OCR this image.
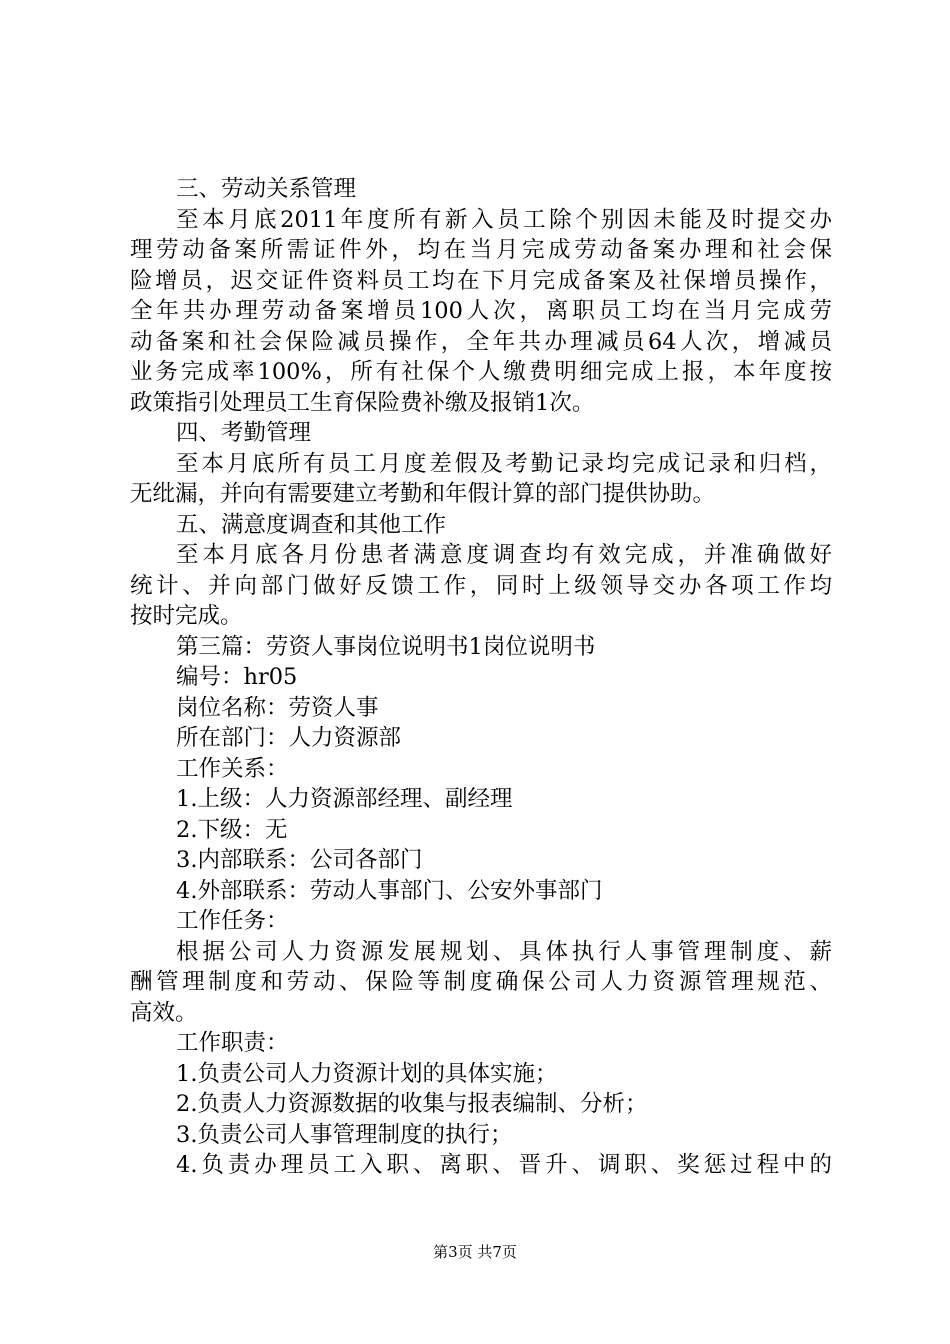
三、劳动关系管理
至本月底2011年度所有新入员工除个别因未能及时提交办
理劳动备案所需证件外，均在当月完成劳动备案办理和社会保
险增员，迟交证件资料员工均在下月完成备案及社保增员操作，
全年共办理劳动备案增员100人次，离职员工均在当月完成劳
动备案和社会保险减员操作，全年共办理减员64人次，增减员
业务完成率100%，所有社保个人缴费明细完成上报，本年度按
政策指引处理员工生育保险费补缴及报销1次。
四、考勤管理
至本月底所有员工月度差假及考勤记录均完成记录和归档，
无纰漏，并向有需要建立考勤和年假计算的部门提供协助。
五、满意度调查和其他工作
至本月底各月份患者满意度调查均有效完成，并准确做好
统计、并向部门做好反馈工作，同时上级领导交办各项工作均
按时完成。
第三篇：劳资人事岗位说明书1岗位说明书
编号：hr05
岗位名称：劳资人事
所在部门：人力资源部
工作关系：
1.上级：人力资源部经理、副经理
2.下级：无
3.内部联系：公司各部门
4.外部联系：劳动人事部门、公安外事部门
工作任务：
根据公司人力资源发展规划、具体执行人事管理制度、薪
酬管理制度和劳动、保险等制度确保公司人力资源管理规范、
高效。
工作职责：
1.负责公司人力资源计划的具体实施；
2.负责人力资源数据的收集与报表编制、分析；
3.负责公司人事管理制度的执行；
4.负责办理员工入职、离职、晋升、调职、奖惩过程中的
第3页 共7页
